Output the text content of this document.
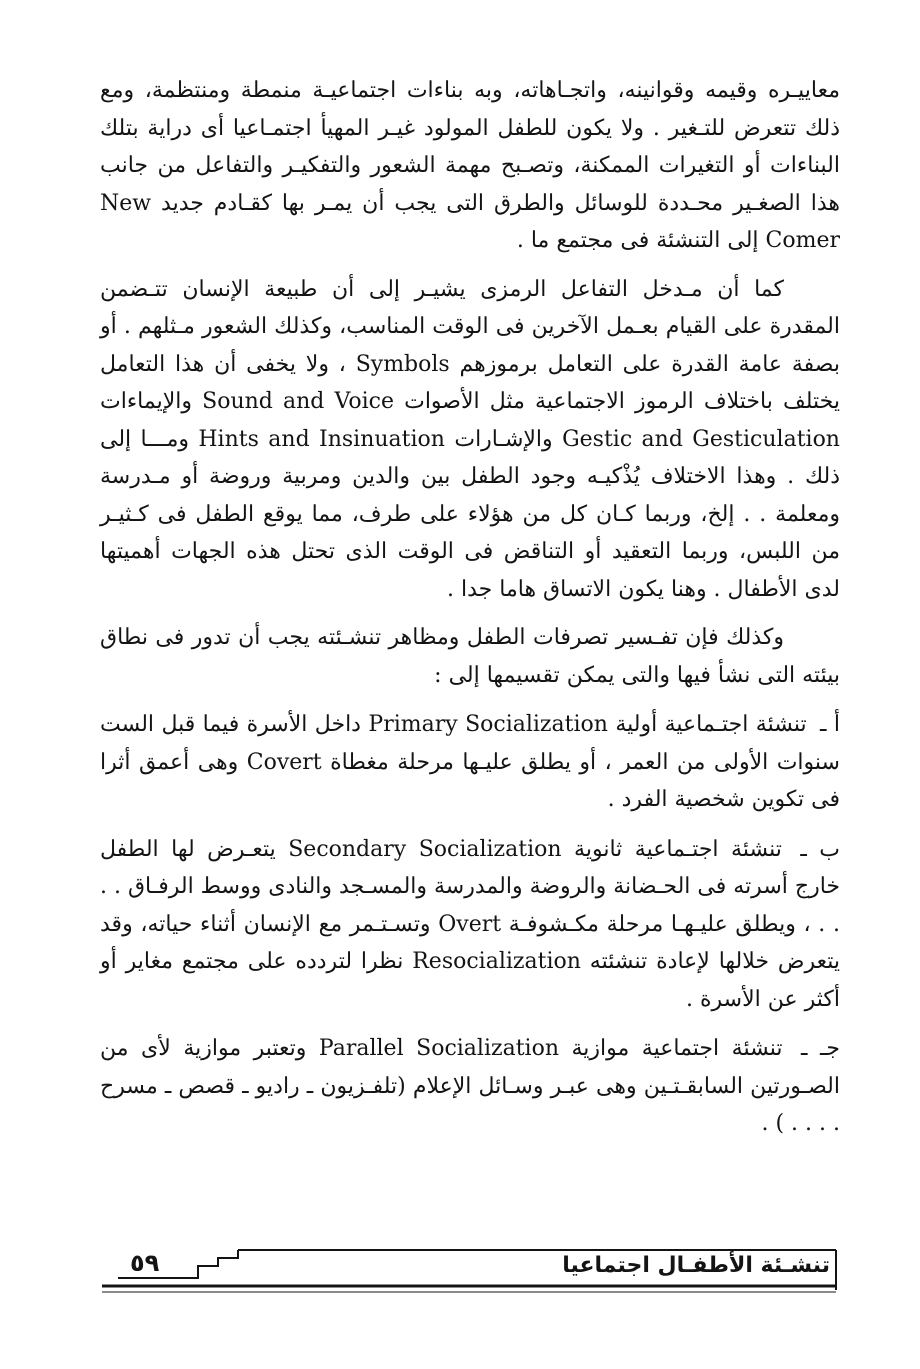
معاييـره وقيمه وقوانينه، واتجـاهاته، وبه بناءات اجتماعيـة منمطة ومنتظمة، ومع ذلك تتعرض للتـغير . ولا يكون للطفل المولود غيـر المهيأ اجتمـاعيا أى دراية بتلك البناءات أو التغيرات الممكنة، وتصـبح مهمة الشعور والتفكيـر والتفاعل من جانب هذا الصغـير محـددة للوسائل والطرق التى يجب أن يمـر بها كقـادم جديد New Comer إلى التنشئة فى مجتمع ما .

كما أن مـدخل التفاعل الرمزى يشيـر إلى أن طبيعة الإنسان تتـضمن المقدرة على القيام بعـمل الآخرين فى الوقت المناسب، وكذلك الشعور مـثلهم . أو بصفة عامة القدرة على التعامل برموزهم Symbols ، ولا يخفى أن هذا التعامل يختلف باختلاف الرموز الاجتماعية مثل الأصوات Sound and Voice والإيماءات Gestic and Gesticulation والإشـارات Hints and Insinuation ومـــا إلى ذلك . وهذا الاختلاف يُذْكيـه وجود الطفل بين والدين ومربية وروضة أو مـدرسة ومعلمة . . إلخ، وربما كـان كل من هؤلاء على طرف، مما يوقع الطفل فى كـثيـر من اللبس، وربما التعقيد أو التناقض فى الوقت الذى تحتل هذه الجهات أهميتها لدى الأطفال . وهنا يكون الاتساق هاما جدا .

وكذلك فإن تفـسير تصرفات الطفل ومظاهر تنشـئته يجب أن تدور فى نطاق بيئته التى نشأ فيها والتى يمكن تقسيمها إلى :

أ ـ تنشئة اجتـماعية أولية Primary Socialization داخل الأسرة فيما قبل الست سنوات الأولى من العمر ، أو يطلق عليـها مرحلة مغطاة Covert وهى أعمق أثرا فى تكوين شخصية الفرد .
ب ـ تنشئة اجتـماعية ثانوية Secondary Socialization يتعـرض لها الطفل خارج أسرته فى الحـضانة والروضة والمدرسة والمسـجد والنادى ووسط الرفـاق . . . . ، ويطلق عليـهـا مرحلة مكـشوفـة Overt وتسـتـمر مع الإنسان أثناء حياته، وقد يتعرض خلالها لإعادة تنشئته Resocialization نظرا لتردده على مجتمع مغاير أو أكثر عن الأسرة .
جـ ـ تنشئة اجتماعية موازية Parallel Socialization وتعتبر موازية لأى من الصـورتين السابقـتـين وهى عبـر وسـائل الإعلام (تلفـزيون ـ راديو ـ قصص ـ مسرح . . . . ) .
تنشـئة الأطفـال اجتماعيا
٥٩
